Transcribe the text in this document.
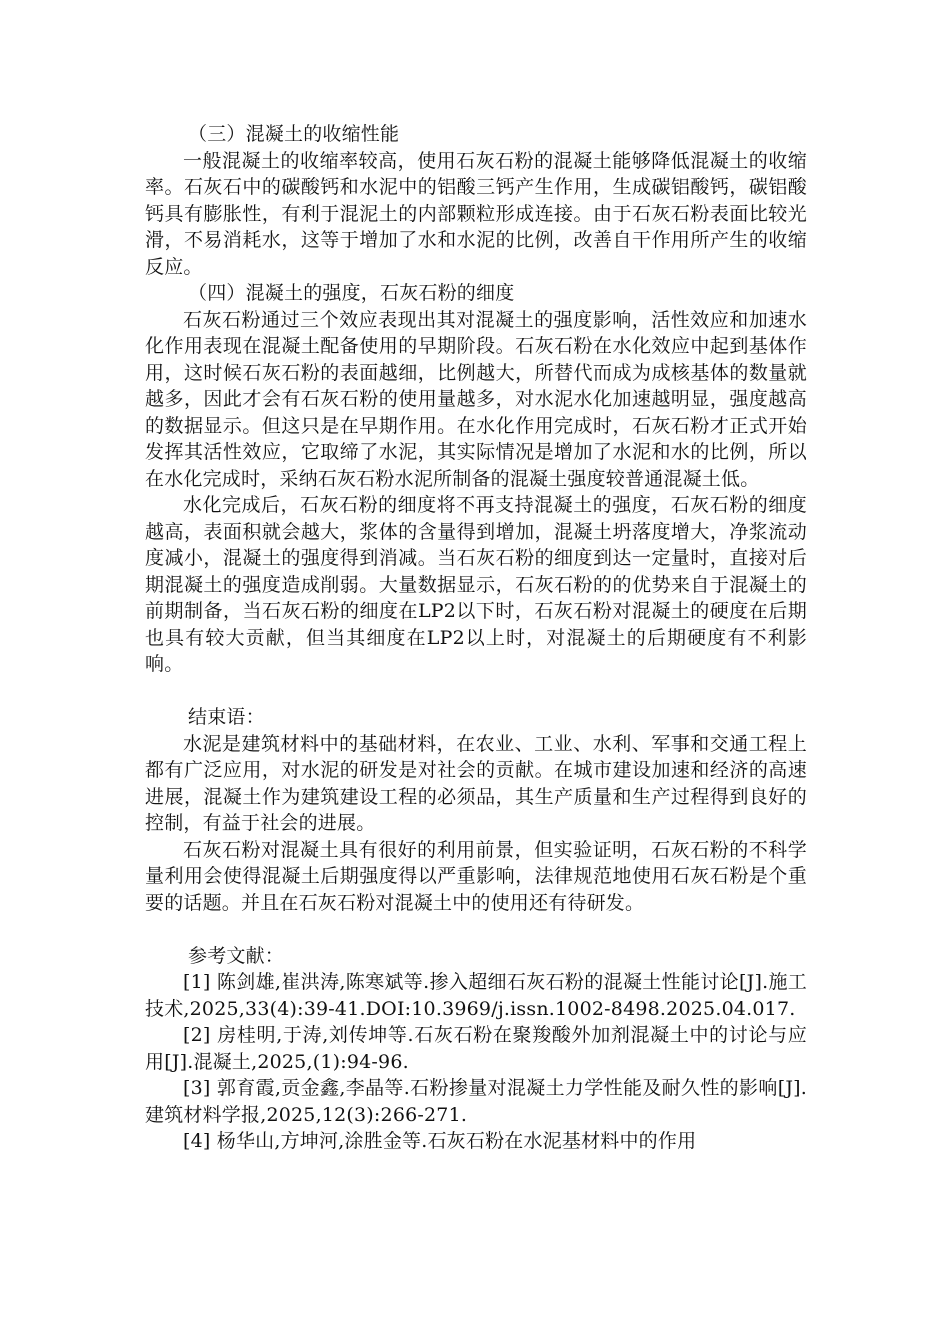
（三）混凝土的收缩性能

一般混凝土的收缩率较高，使用石灰石粉的混凝土能够降低混凝土的收缩率。石灰石中的碳酸钙和水泥中的铝酸三钙产生作用，生成碳铝酸钙，碳铝酸钙具有膨胀性，有利于混泥土的内部颗粒形成连接。由于石灰石粉表面比较光滑，不易消耗水，这等于增加了水和水泥的比例，改善自干作用所产生的收缩反应。

（四）混凝土的强度，石灰石粉的细度

石灰石粉通过三个效应表现出其对混凝土的强度影响，活性效应和加速水化作用表现在混凝土配备使用的早期阶段。石灰石粉在水化效应中起到基体作用，这时候石灰石粉的表面越细，比例越大，所替代而成为成核基体的数量就越多，因此才会有石灰石粉的使用量越多，对水泥水化加速越明显，强度越高的数据显示。但这只是在早期作用。在水化作用完成时，石灰石粉才正式开始发挥其活性效应，它取缔了水泥，其实际情况是增加了水泥和水的比例，所以在水化完成时，采纳石灰石粉水泥所制备的混凝土强度较普通混凝土低。

水化完成后，石灰石粉的细度将不再支持混凝土的强度，石灰石粉的细度越高，表面积就会越大，浆体的含量得到增加，混凝土坍落度增大，净浆流动度减小，混凝土的强度得到消减。当石灰石粉的细度到达一定量时，直接对后期混凝土的强度造成削弱。大量数据显示，石灰石粉的的优势来自于混凝土的前期制备，当石灰石粉的细度在LP2以下时，石灰石粉对混凝土的硬度在后期也具有较大贡献，但当其细度在LP2以上时，对混凝土的后期硬度有不利影响。

结束语：

水泥是建筑材料中的基础材料，在农业、工业、水利、军事和交通工程上都有广泛应用，对水泥的研发是对社会的贡献。在城市建设加速和经济的高速进展，混凝土作为建筑建设工程的必须品，其生产质量和生产过程得到良好的控制，有益于社会的进展。

石灰石粉对混凝土具有很好的利用前景，但实验证明，石灰石粉的不科学量利用会使得混凝土后期强度得以严重影响，法律规范地使用石灰石粉是个重要的话题。并且在石灰石粉对混凝土中的使用还有待研发。

参考文献：

[1] 陈剑雄,崔洪涛,陈寒斌等.掺入超细石灰石粉的混凝土性能讨论[J].施工技术,2025,33(4):39-41.DOI:10.3969/j.issn.1002-8498.2025.04.017.

[2] 房桂明,于涛,刘传坤等.石灰石粉在聚羧酸外加剂混凝土中的讨论与应用[J].混凝土,2025,(1):94-96.

[3] 郭育霞,贡金鑫,李晶等.石粉掺量对混凝土力学性能及耐久性的影响[J].建筑材料学报,2025,12(3):266-271.

[4] 杨华山,方坤河,涂胜金等.石灰石粉在水泥基材料中的作用
